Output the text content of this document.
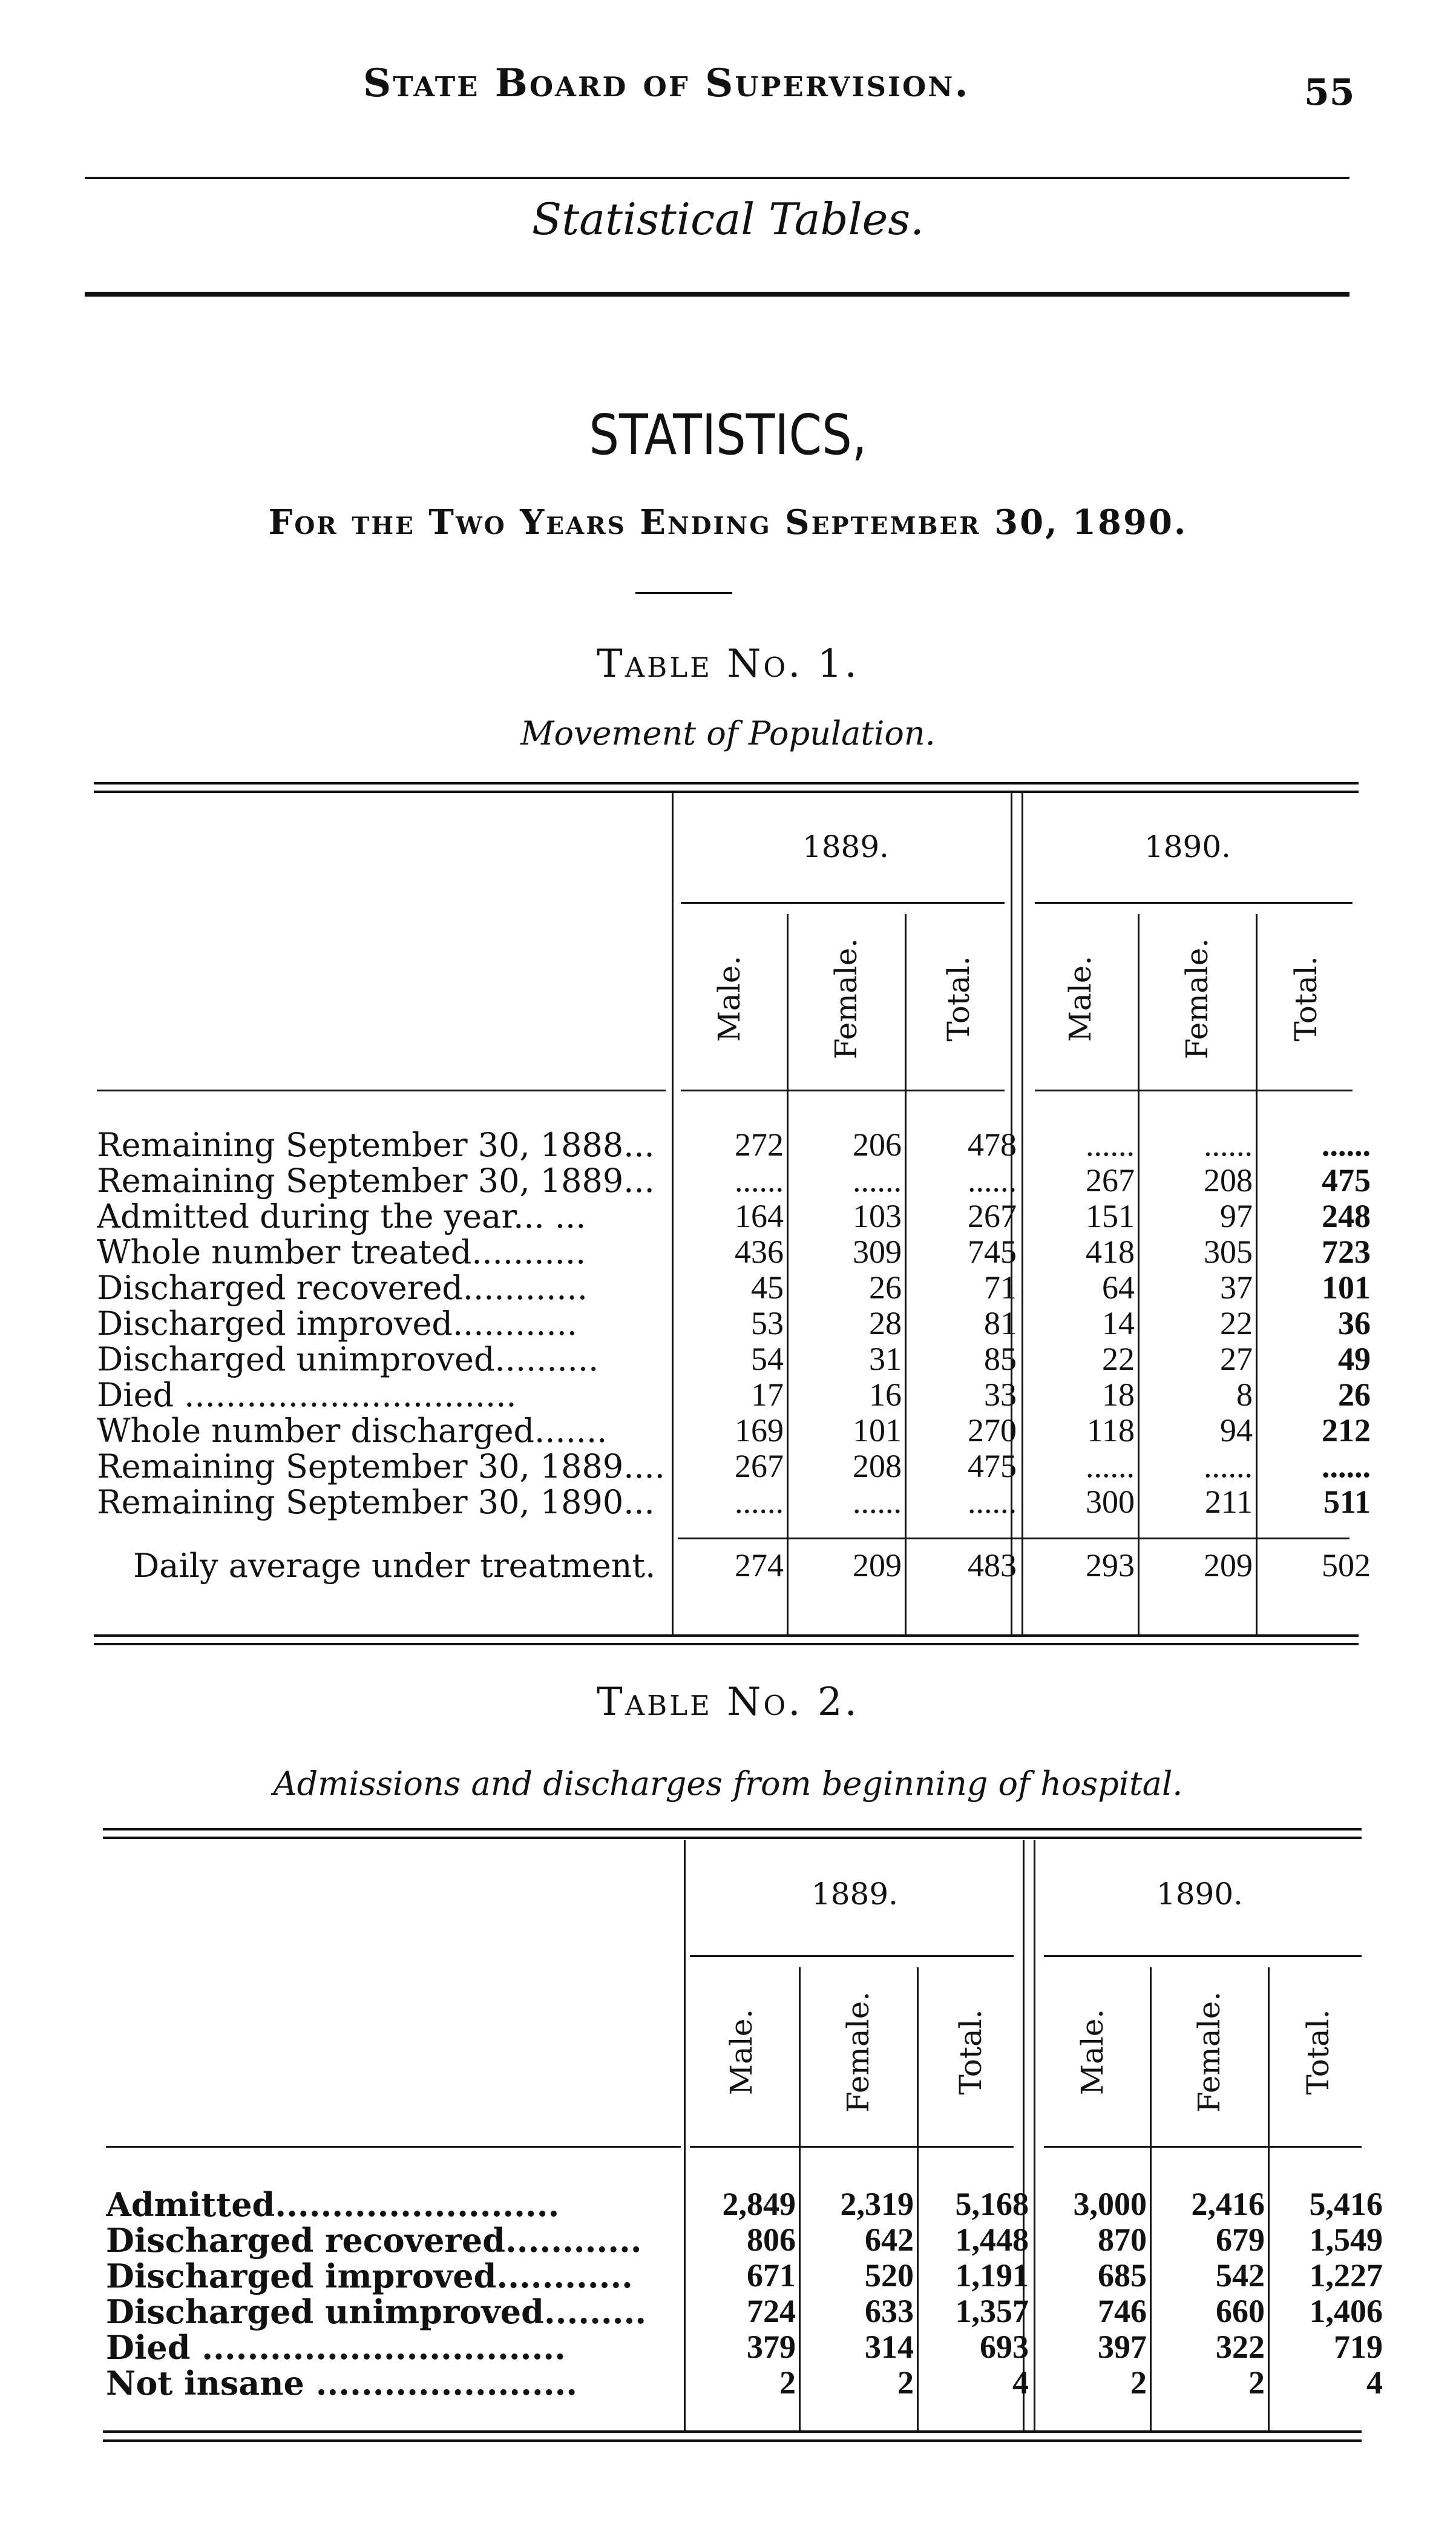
State Board of Supervision.	55
Statistical Tables.
STATISTICS,
For the Two Years Ending September 30, 1890.
Table No. 1.
Movement of Population.
1889.	1890.
Male.	Female.	Total.	Male.	Female. Total.
Remaining September 30, 1888...	272	206	478	......	......	......
Remaining September 30, 1889...	......	......	......	267	208	475
Admitted during the year... ...	164	103	267	151	97	248
Whole number treated...........	436	309	745	418	305	723
Discharged recovered............	45	26	71	64	37	101
Discharged improved............	53	28	81	14	22	36
Discharged unimproved..........	54	31	85	22	27	49
Died ................................	17	16	33	18	8	26
Whole number discharged.......	169	101	270	118	94	212
Remaining September 30, 1889....	267	208	475	......	......	......
Remaining September 30, 1890...	......	......	......	300	211	511
Daily average under treatment.	274	209	483	293	209	502
Table No. 2.
Admissions and discharges from beginning of hospital.
1889.	1890.
Male.	Female.	Total.	Male.	Female. Total.
Admitted.........................	2,849	2,319	5,168	3,000	2,416	5,416
Discharged recovered............	806	642	1,448	870	679	1,549
Discharged improved............	671	520	1,191	685	542	1,227
Discharged unimproved.........	724	633	1,357	746	660	1,406
Died ................................	379	314	693	397	322	719
Not insane .......................	2	2	4	2	2	4
